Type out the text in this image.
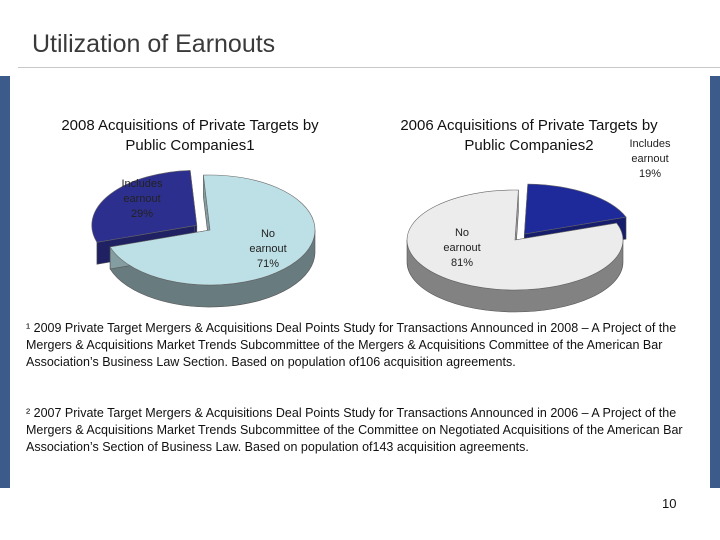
Utilization of Earnouts
Includes earnout 29%
No earnout 71%
Includes earnout 19%
No earnout 81%
2008 Acquisitions of Private Targets by Public Companies1
2006 Acquisitions of Private Targets by Public Companies2
¹ 2009 Private Target Mergers & Acquisitions Deal Points Study for Transactions Announced in 2008 – A Project of the Mergers & Acquisitions Market Trends Subcommittee of the Mergers & Acquisitions Committee of the American Bar Association’s Business Law Section. Based on population of106 acquisition agreements.
² 2007 Private Target Mergers & Acquisitions Deal Points Study for Transactions Announced in 2006 – A Project of the Mergers & Acquisitions Market Trends Subcommittee of the Committee on Negotiated Acquisitions of the American Bar Association’s Section of Business Law. Based on population of143 acquisition agreements.
10
